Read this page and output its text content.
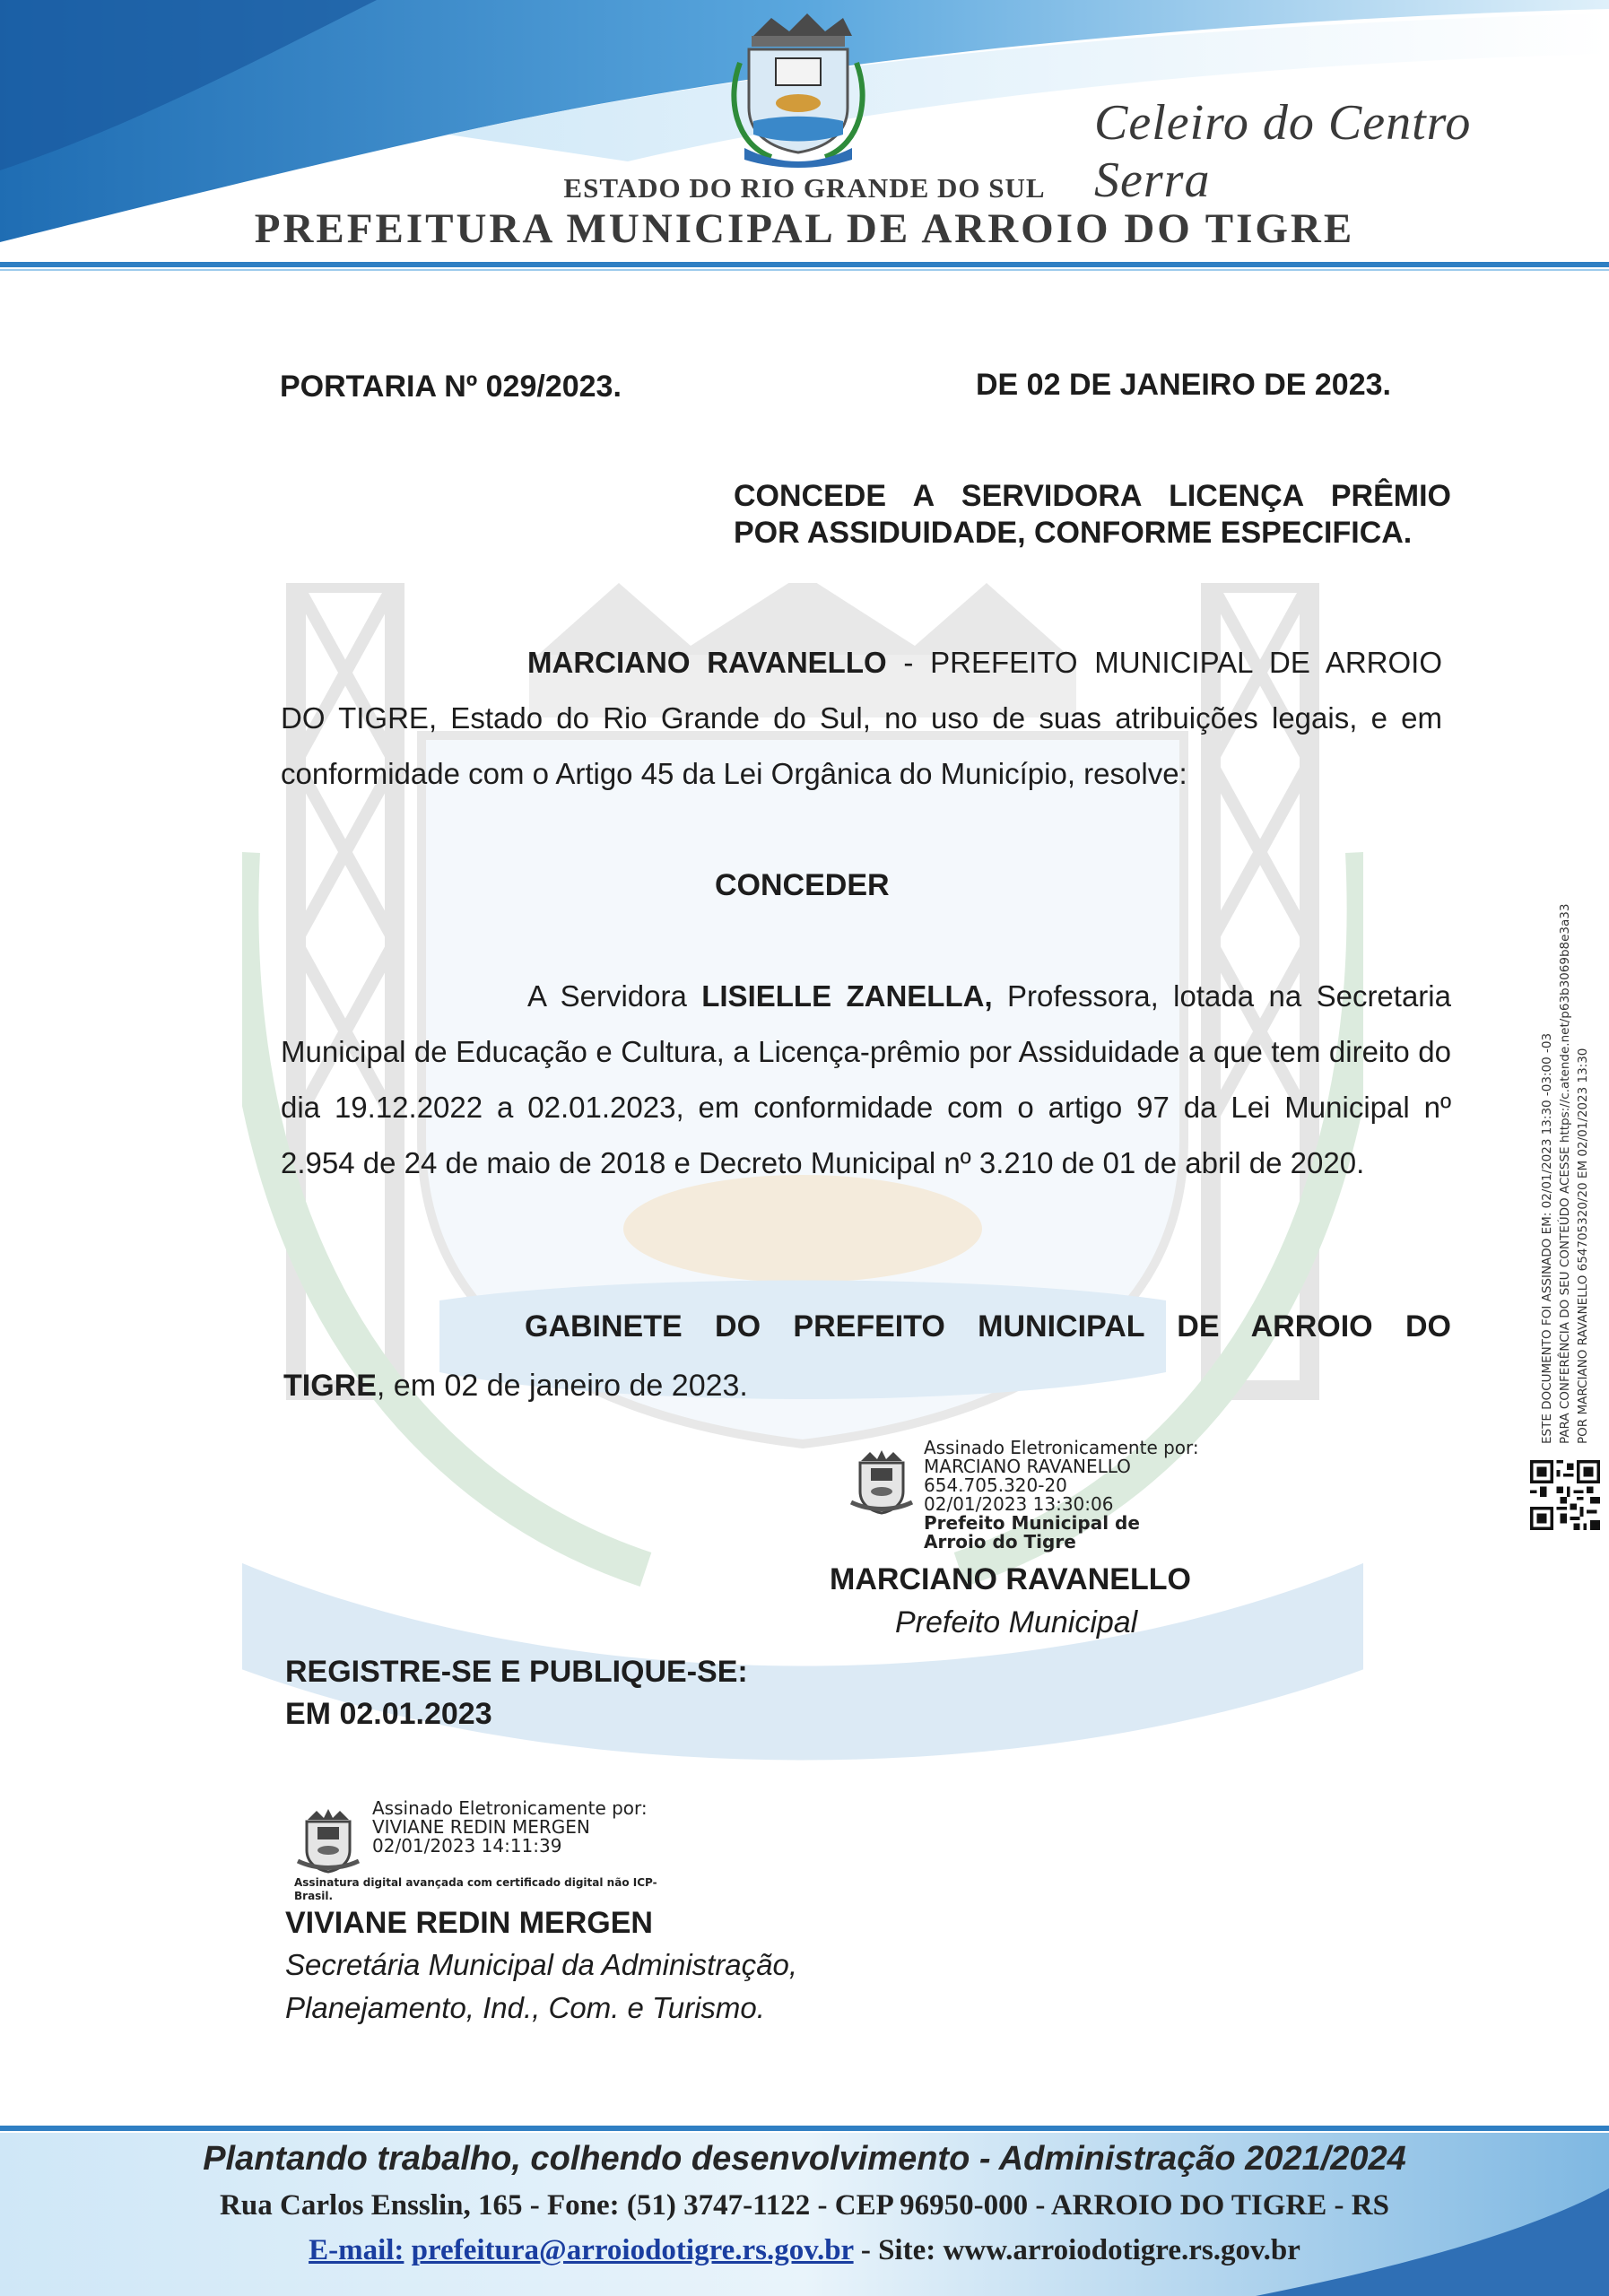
Celeiro do Centro Serra
ESTADO DO RIO GRANDE DO SUL
PREFEITURA MUNICIPAL DE ARROIO DO TIGRE
PORTARIA Nº 029/2023.	DE 02 DE JANEIRO DE 2023.
CONCEDE A SERVIDORA LICENÇA PRÊMIO
POR ASSIDUIDADE, CONFORME ESPECIFICA.
MARCIANO RAVANELLO - PREFEITO MUNICIPAL DE ARROIO DO TIGRE, Estado do Rio Grande do Sul, no uso de suas atribuições legais, e em conformidade com o Artigo 45 da Lei Orgânica do Município, resolve:
CONCEDER
A Servidora LISIELLE ZANELLA, Professora, lotada na Secretaria Municipal de Educação e Cultura, a Licença-prêmio por Assiduidade a que tem direito do dia 19.12.2022 a 02.01.2023, em conformidade com o artigo 97 da Lei Municipal nº 2.954 de 24 de maio de 2018 e Decreto Municipal nº 3.210 de 01 de abril de 2020.
GABINETE DO PREFEITO MUNICIPAL DE ARROIO DO
TIGRE, em 02 de janeiro de 2023.
Assinado Eletronicamente por:
MARCIANO RAVANELLO
654.705.320-20
02/01/2023 13:30:06
Prefeito Municipal de
Arroio do Tigre
MARCIANO RAVANELLO
Prefeito Municipal
REGISTRE-SE E PUBLIQUE-SE:
EM 02.01.2023
Assinado Eletronicamente por:
VIVIANE REDIN MERGEN
02/01/2023 14:11:39
Assinatura digital avançada com certificado digital não ICP-
Brasil.
VIVIANE REDIN MERGEN
Secretária Municipal da Administração,
Planejamento, Ind., Com. e Turismo.
ESTE DOCUMENTO FOI ASSINADO EM: 02/01/2023 13:30 -03:00 -03 PARA CONFERÊNCIA DO SEU CONTEÚDO ACESSE https://c.atende.net/p63b3069b8e3a33 POR MARCIANO RAVANELLO 654705320/20 EM 02/01/2023 13:30
Plantando trabalho, colhendo desenvolvimento - Administração 2021/2024
Rua Carlos Ensslin, 165 - Fone: (51) 3747-1122 - CEP 96950-000 - ARROIO DO TIGRE - RS
E-mail: prefeitura@arroiodotigre.rs.gov.br - Site: www.arroiodotigre.rs.gov.br
